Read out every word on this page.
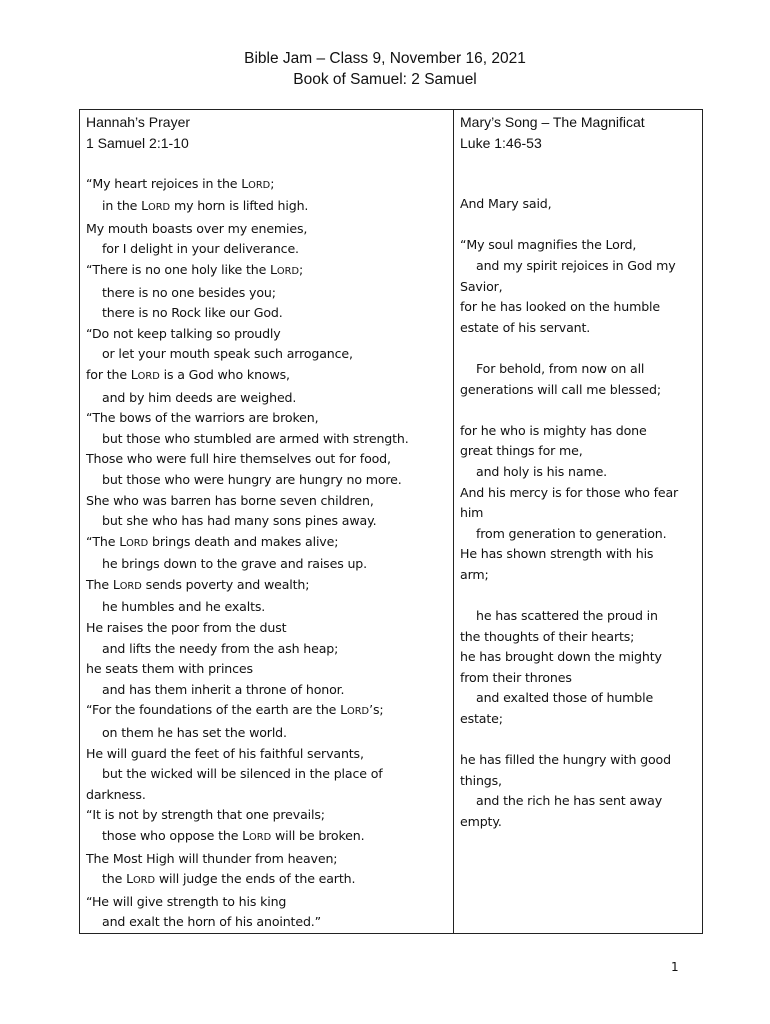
Bible Jam – Class 9, November 16, 2021
Book of Samuel: 2 Samuel
Hannah’s Prayer
1 Samuel 2:1-10
“My heart rejoices in the LORD;
in the LORD my horn is lifted high.
My mouth boasts over my enemies,
for I delight in your deliverance.
“There is no one holy like the LORD;
there is no one besides you;
there is no Rock like our God.
“Do not keep talking so proudly
or let your mouth speak such arrogance,
for the LORD is a God who knows,
and by him deeds are weighed.
“The bows of the warriors are broken,
but those who stumbled are armed with strength.
Those who were full hire themselves out for food,
but those who were hungry are hungry no more.
She who was barren has borne seven children,
but she who has had many sons pines away.
“The LORD brings death and makes alive;
he brings down to the grave and raises up.
The LORD sends poverty and wealth;
he humbles and he exalts.
He raises the poor from the dust
and lifts the needy from the ash heap;
he seats them with princes
and has them inherit a throne of honor.
“For the foundations of the earth are the LORD’s;
on them he has set the world.
He will guard the feet of his faithful servants,
but the wicked will be silenced in the place of
darkness.
“It is not by strength that one prevails;
those who oppose the LORD will be broken.
The Most High will thunder from heaven;
the LORD will judge the ends of the earth.
“He will give strength to his king
and exalt the horn of his anointed.”

Mary’s Song – The Magnificat
Luke 1:46-53
And Mary said,
“My soul magnifies the Lord,
and my spirit rejoices in God my
Savior,
for he has looked on the humble
estate of his servant.
For behold, from now on all
generations will call me blessed;
for he who is mighty has done
great things for me,
and holy is his name.
And his mercy is for those who fear
him
from generation to generation.
He has shown strength with his
arm;
he has scattered the proud in
the thoughts of their hearts;
he has brought down the mighty
from their thrones
and exalted those of humble
estate;
he has filled the hungry with good
things,
and the rich he has sent away
empty.
1
